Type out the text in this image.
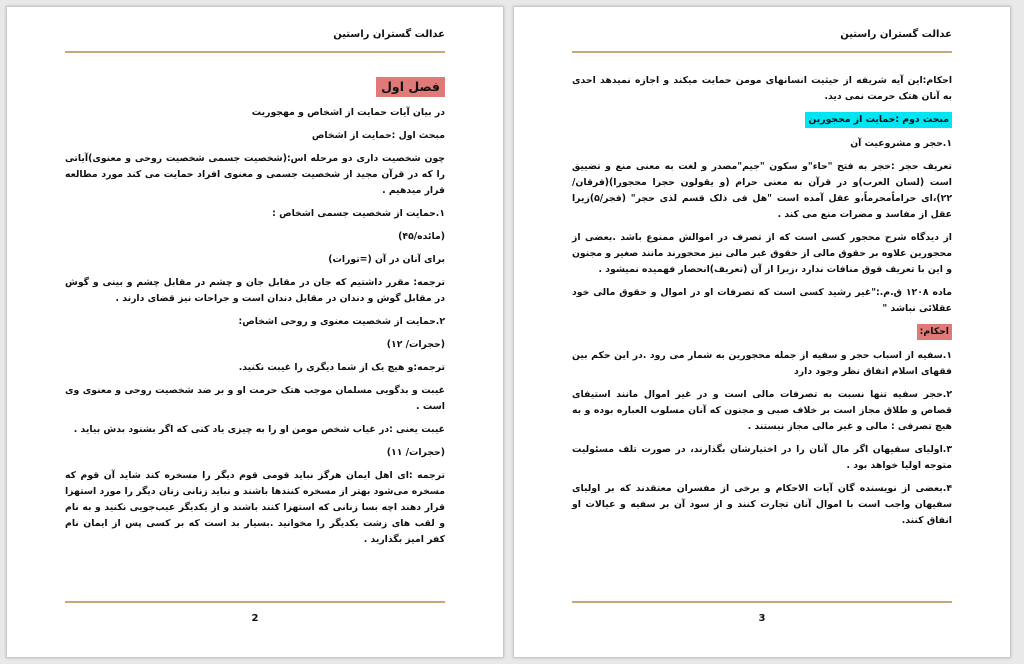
عدالت گستران راستین
فصل اول

در بیان آیات حمایت از اشخاص و مهجوریت

مبحث اول :حمایت از اشخاص

چون شخصیت داری دو مرحله اس:(شخصیت جسمی شخصیت روحی و معنوی)آیاتی را که در قرآن مجید از شخصیت جسمی و معنوی افراد حمایت می کند مورد مطالعه قرار میدهیم .

۱.حمایت از شخصیت جسمی اشخاص :

(مائده/۴۵)

برای آنان در آن (=تورات)

ترجمه: مقرر داشتیم که جان در مقابل جان و چشم در مقابل چشم و بینی و گوش در مقابل گوش و دندان در مقابل دندان است و جراحات نیز قضای دارند .

۲.حمایت از شخصیت معنوی و روحی اشخاص:

(حجرات/ ۱۲)

ترجمه:و هیچ یک از شما دیگری را غیبت نکنید.

غیبت و بدگویی مسلمان موجب هتک حرمت او و بر ضد شخصیت روحی و معنوی وی است .

غیبت یعنی :در غیاب شخص مومن او را به چیزی یاد کنی که اگر بشنود بدش بیاید .

(حجرات/ ۱۱)

ترجمه :ای اهل ایمان هرگز نباید قومی قوم دیگر را مسخره کند شاید آن قوم که مسخره می‌شود بهتر از مسخره کنندها باشند و نباید زنانی زنان دیگر را مورد استهزا قرار دهند اچه بسا زنانی که استهزا کنند باشند و از یکدیگر عیب‌جویی نکنید و به نام و لقب های زشت یکدیگر را مخوانید .بسیار بد است که بر کسی پس از ایمان نام کفر امیز بگذارید .

2
عدالت گستران راستین

احکام:این آیه شریفه از حیثیت انسانهای مومن حمایت میکند و اجازه نمیدهد احدی به آنان هتک حرمت نمی دید.

مبحث دوم :حمایت از محجورین

۱.حجر و مشروعیت آن

تعریف حجر :حجر به فتح "حاء"و سکون "جیم"مصدر و لغت به معنی منع و تضییق است (لسان العرب)و در قرآن به معنی حرام (و یقولون حجرا محجورا)(فرقان/۲۲)،ای حراماًمحرماً،و عقل آمده است "هل فی ذلک قسم لذی حجر" (فجر/۵)زیرا عقل از مفاسد و مضرات منع می کند .

از دیدگاه شرح محجور کسی است که از تصرف در اموالش ممنوع باشد .بعضی از محجورین علاوه بر حقوق مالی از حقوق غیر مالی نیز محجورند مانند صغیر و مجنون و این با تعریف فوق منافات ندارد ،زیرا از آن (تعریف)انحصار فهمیده نمیشود .

ماده ۱۲۰۸ ق.م.:"غیر رشید کسی است که تصرفات او در اموال و حقوق مالی خود عقلائی نباشد "

احکام:

۱.سفیه از اسباب حجر و سفیه از جمله محجورین به شمار می رود .در این حکم بین فقهای اسلام اتفاق نظر وجود دارد

۲.حجر سفیه تنها نسبت به تصرفات مالی است و در غیر اموال مانند استیفای قصاص و طلاق مجاز است بر خلاف صبی و مجنون که آنان مسلوب العباره بوده و به هیچ تصرفی : مالی و غیر مالی مجاز نیستند .

۳.اولیای سفیهان اگر مال آنان را در اختیارشان بگذارند، در صورت تلف مسئولیت متوجه اولیا خواهد بود .

۴.بعضی از نویسنده گان آیات الاحکام و برخی از مفسران معتقدند که بر اولیای سفیهان واجب است با اموال آنان تجارت کنند و از سود آن بر سفیه و عیالات او انفاق کنند.

3
